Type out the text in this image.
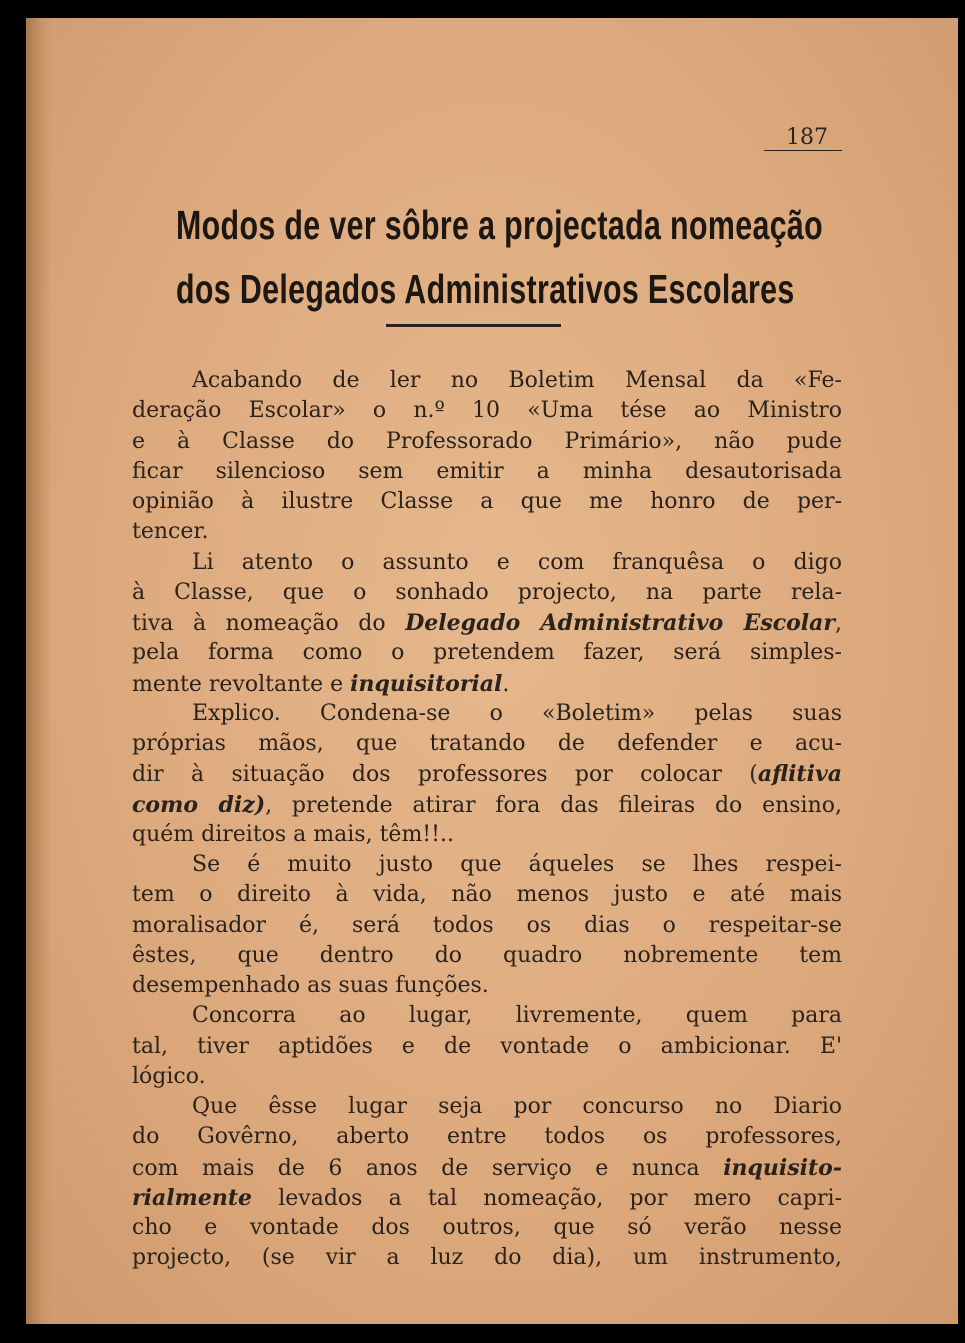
187
Modos de ver sôbre a projectada nomeação
dos Delegados Administrativos Escolares
Acabando de ler no Boletim Mensal da «Fe-
deração Escolar» o n.º 10 «Uma tése ao Ministro
e à Classe do Professorado Primário», não pude
ficar silencioso sem emitir a minha desautorisada
opinião à ilustre Classe a que me honro de per-
tencer.
Li atento o assunto e com franquêsa o digo
à Classe, que o sonhado projecto, na parte rela-
tiva à nomeação do Delegado Administrativo Escolar,
pela forma como o pretendem fazer, será simples-
mente revoltante e inquisitorial.
Explico. Condena-se o «Boletim» pelas suas
próprias mãos, que tratando de defender e acu-
dir à situação dos professores por colocar (aflitiva
como diz), pretende atirar fora das fileiras do ensino,
quém direitos a mais, têm!!..
Se é muito justo que áqueles se lhes respei-
tem o direito à vida, não menos justo e até mais
moralisador é, será todos os dias o respeitar-se
êstes, que dentro do quadro nobremente tem
desempenhado as suas funções.
Concorra ao lugar, livremente, quem para
tal, tiver aptidões e de vontade o ambicionar. E'
lógico.
Que êsse lugar seja por concurso no Diario
do Govêrno, aberto entre todos os professores,
com mais de 6 anos de serviço e nunca inquisito-
rialmente levados a tal nomeação, por mero capri-
cho e vontade dos outros, que só verão nesse
projecto, (se vir a luz do dia), um instrumento,
